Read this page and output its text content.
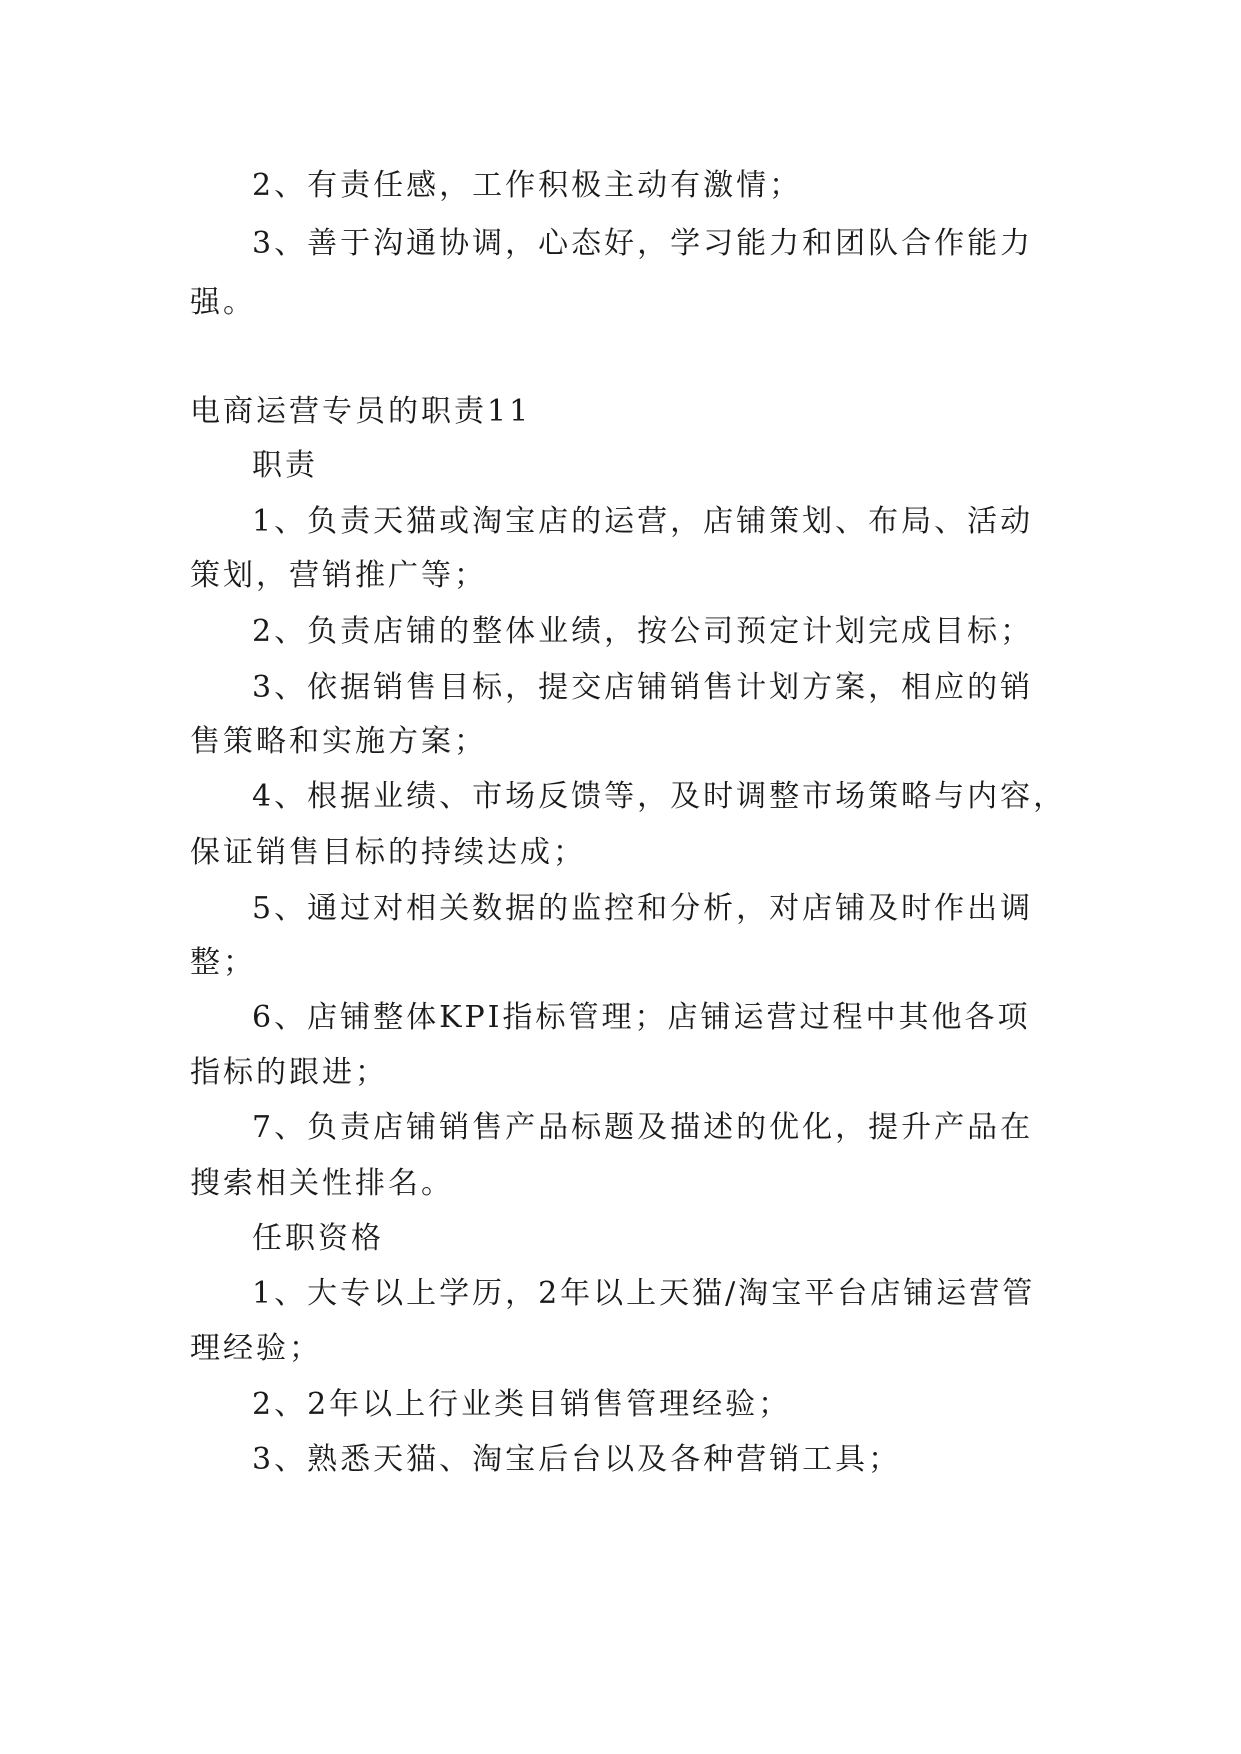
2、有责任感，工作积极主动有激情；
3、善于沟通协调，心态好，学习能力和团队合作能力
强。
电商运营专员的职责11
职责
1、负责天猫或淘宝店的运营，店铺策划、布局、活动
策划，营销推广等；
2、负责店铺的整体业绩，按公司预定计划完成目标；
3、依据销售目标，提交店铺销售计划方案，相应的销
售策略和实施方案；
4、根据业绩、市场反馈等，及时调整市场策略与内容，
保证销售目标的持续达成；
5、通过对相关数据的监控和分析，对店铺及时作出调
整；
6、店铺整体KPI指标管理；店铺运营过程中其他各项
指标的跟进；
7、负责店铺销售产品标题及描述的优化，提升产品在
搜索相关性排名。
任职资格
1、大专以上学历，2年以上天猫/淘宝平台店铺运营管
理经验；
2、2年以上行业类目销售管理经验；
3、熟悉天猫、淘宝后台以及各种营销工具；
